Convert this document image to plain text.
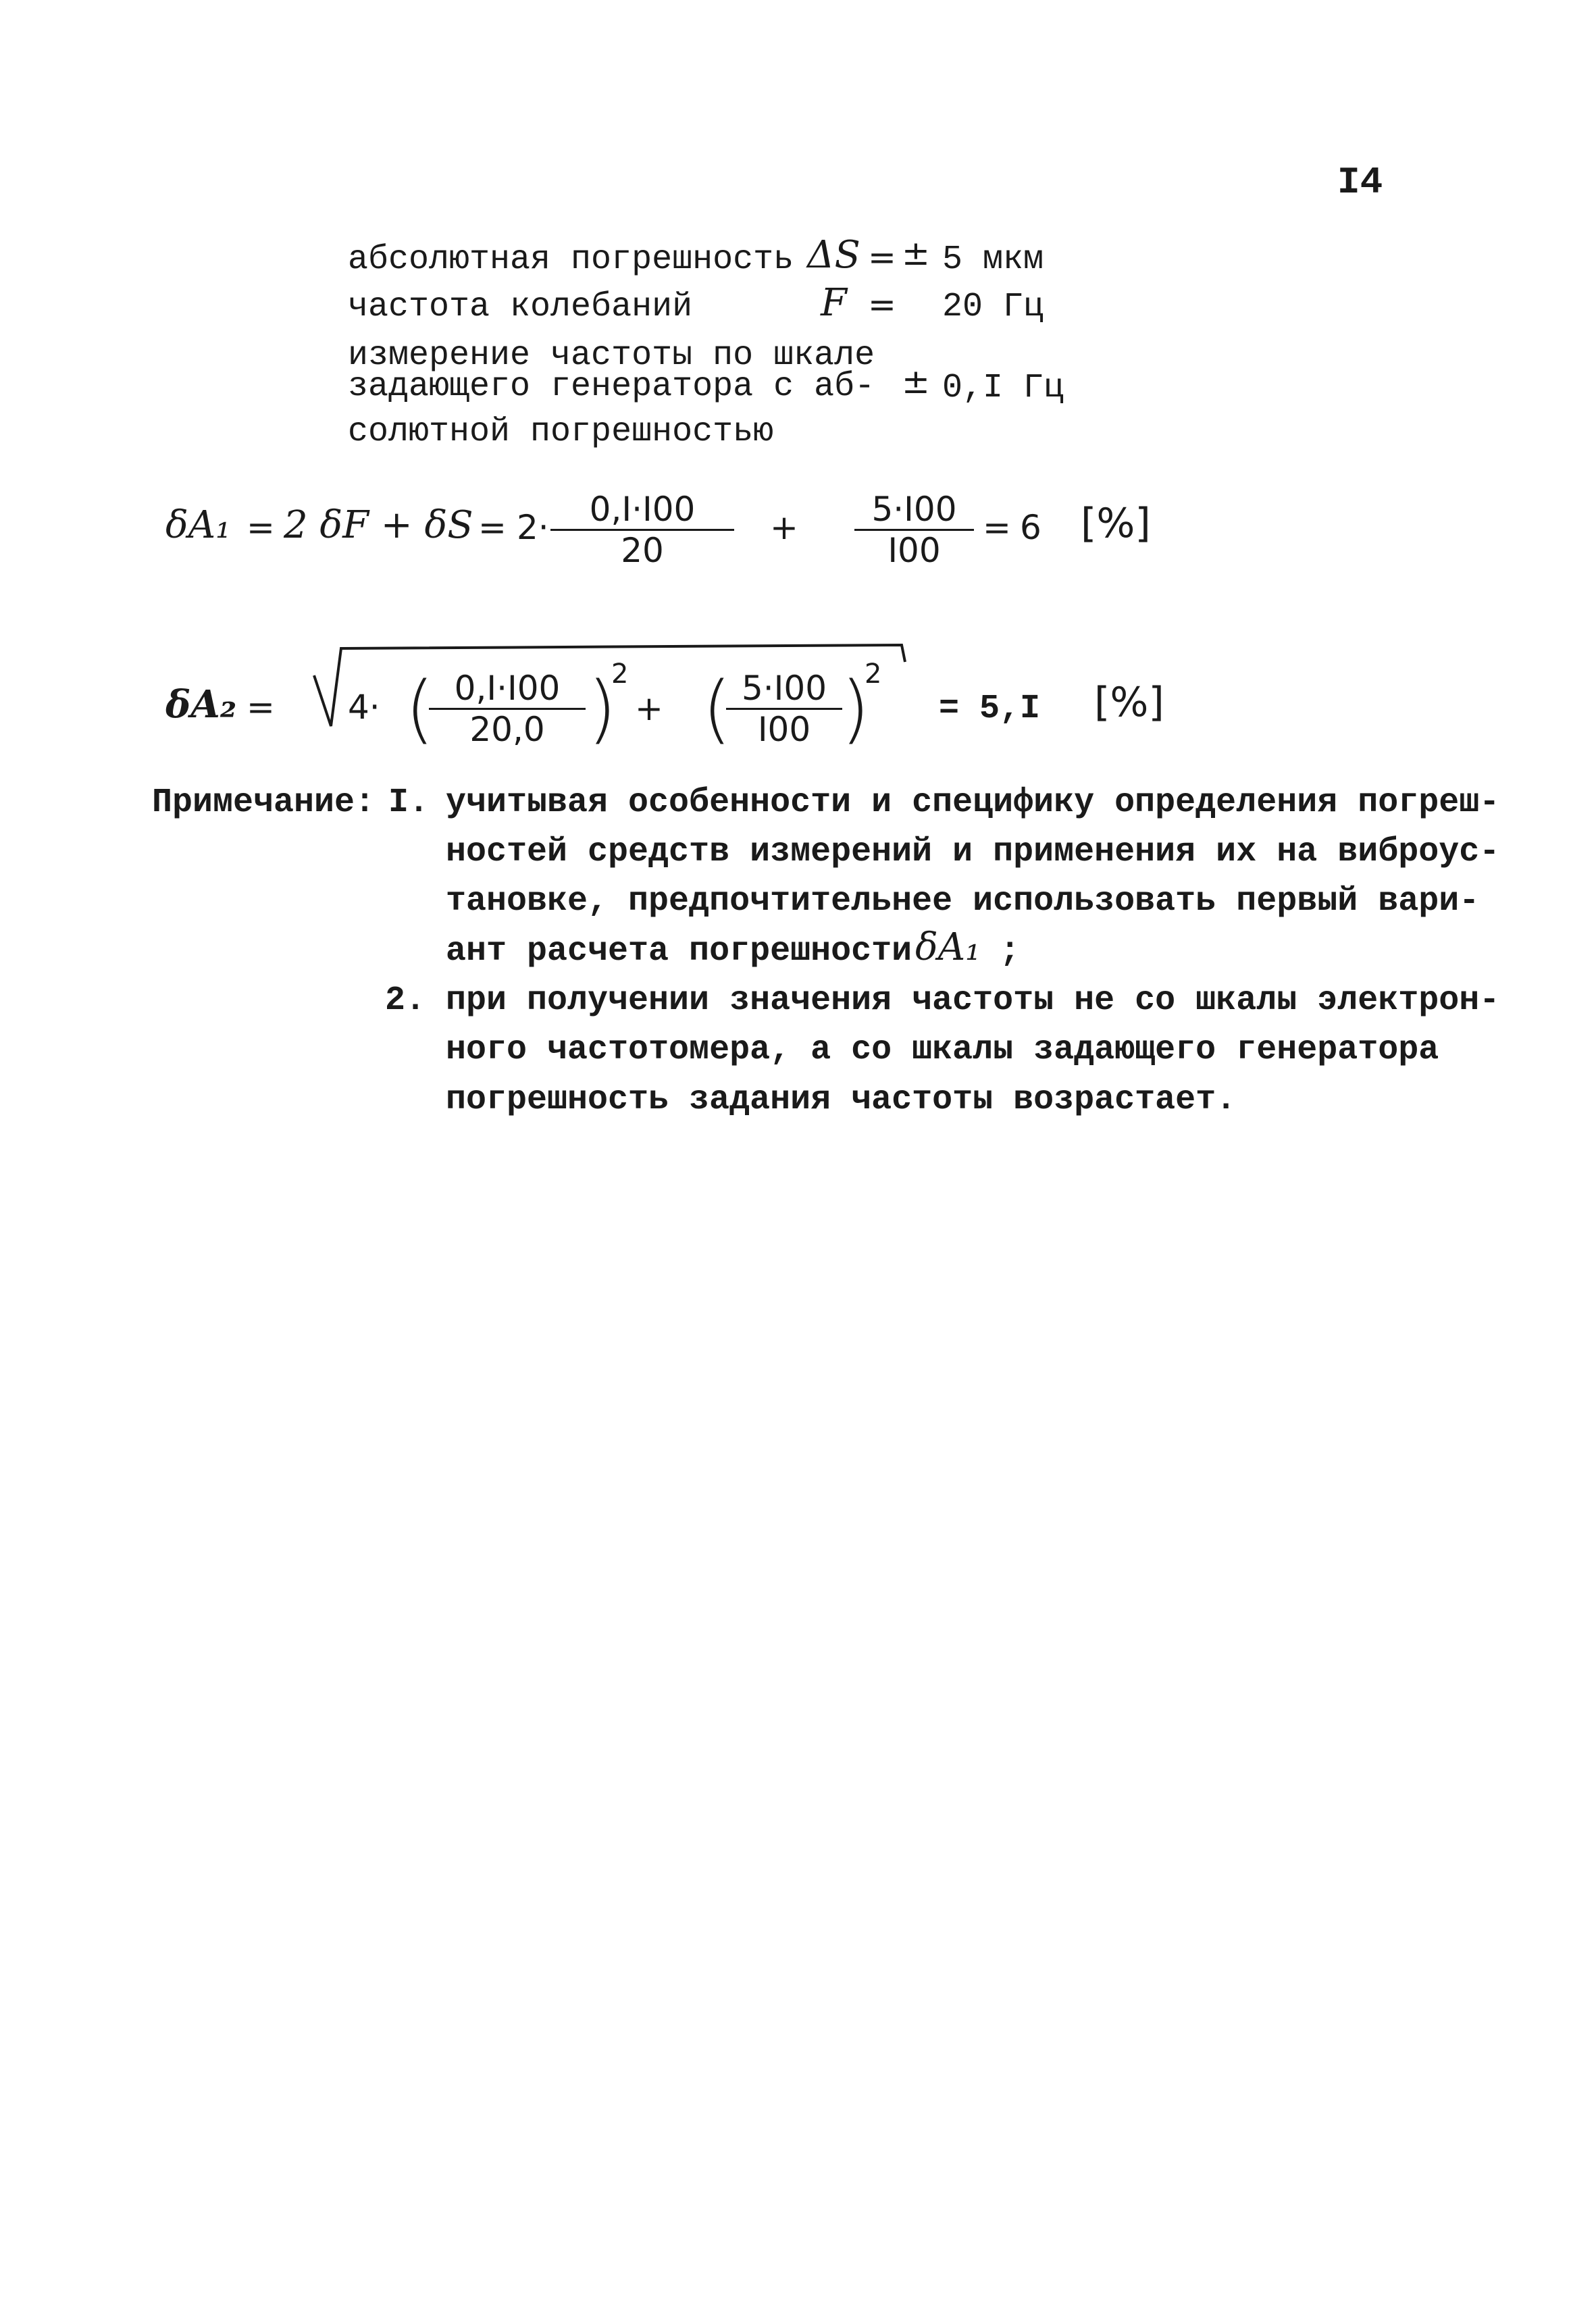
I4
абсолютная погрешность ΔS = ± 5 мкм
частота колебаний	F = 20 Гц
измерение частоты по шкале
задающего генератора с аб-
солютной погрешностью
± 0,I Гц
δA₁ = 2 $\delta F + \delta S = 2\cdot \frac{0,I\cdot I00}{20} + \frac{5\cdot I00}{I00} = 6$ [%]
δA₂ = 4· (
$\frac{0,I\cdot I00}{20,0}$ )
2
+ (
$\frac{5\cdot I00}{I00}$
)
2
= 5,I [%]
Примечание: I. учитывая особенности и специфику определения погреш-
ностей средств измерений и применения их на виброус-
тановке, предпочтительнее использовать первый вари-
ант расчета погрешности δA₁ ;
2. при получении значения частоты не со шкалы электрон-
ного частотомера, а со шкалы задающего генератора
погрешность задания частоты возрастает.
